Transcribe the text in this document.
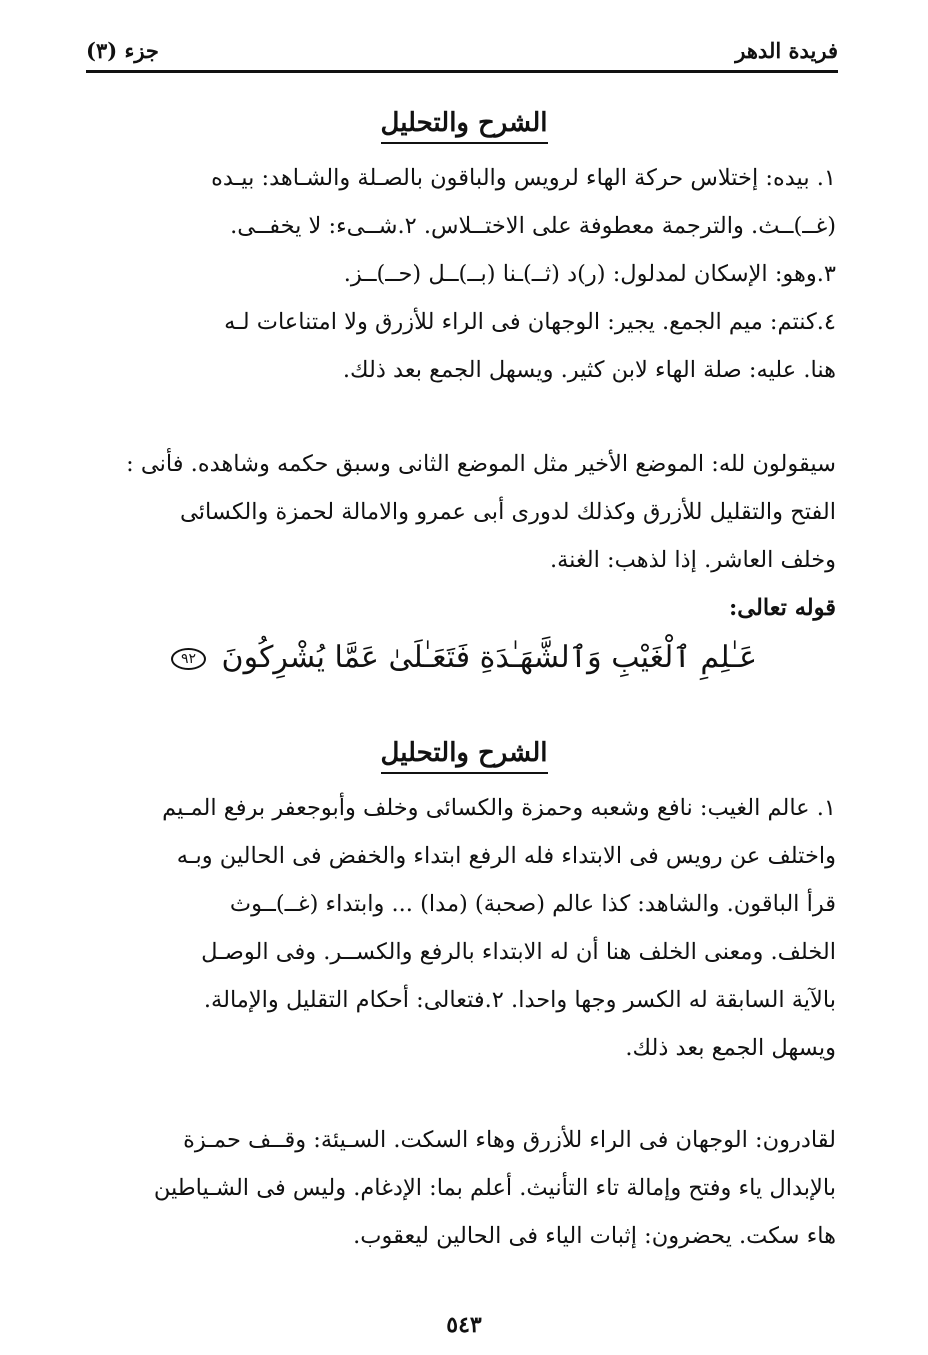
فريدة الدهر
جزء (٣)
الشرح والتحليل
١. بيده: إختلاس حركة الهاء لرويس والباقون بالصـلة والشـاهد: بيـده
(غــ)ــث. والترجمة معطوفة على الاختــلاس. ٢.شــىء: لا يخفــى.
٣.وهو: الإسكان لمدلول: (ر)د (ثــ)ـنا (بــ)ــل (حــ)ــز.
٤.كنتم: ميم الجمع. يجير: الوجهان فى الراء للأزرق ولا امتناعات لـه
هنا. عليه: صلة الهاء لابن كثير. ويسهل الجمع بعد ذلك.
سيقولون لله: الموضع الأخير مثل الموضع الثانى وسبق حكمه وشاهده. فأنى :
الفتح والتقليل للأزرق وكذلك لدورى أبى عمرو والامالة لحمزة والكسائى
وخلف العاشر. إذا لذهب: الغنة.
قوله تعالى:
عَـٰلِمِ ٱلْغَيْبِ وَٱلشَّهَـٰدَةِ فَتَعَـٰلَىٰ عَمَّا يُشْرِكُونَ ٩٢
الشرح والتحليل
١. عالم الغيب: نافع وشعبه وحمزة والكسائى وخلف وأبوجعفر برفع المـيم
واختلف عن رويس فى الابتداء فله الرفع ابتداء والخفض فى الحالين وبـه
قرأ الباقون. والشاهد: كذا عالم (صحبة) (مدا) ... وابتداء (غــ)ــوث
الخلف. ومعنى الخلف هنا أن له الابتداء بالرفع والكســر. وفى الوصـل
بالآية السابقة له الكسر وجها واحدا. ٢.فتعالى: أحكام التقليل والإمالة.
ويسهل الجمع بعد ذلك.
لقادرون: الوجهان فى الراء للأزرق وهاء السكت. السـيئة: وقــف حمـزة
بالإبدال ياء وفتح وإمالة تاء التأنيث. أعلم بما: الإدغام. وليس فى الشـياطين
هاء سكت. يحضرون: إثبات الياء فى الحالين ليعقوب.
٥٤٣
